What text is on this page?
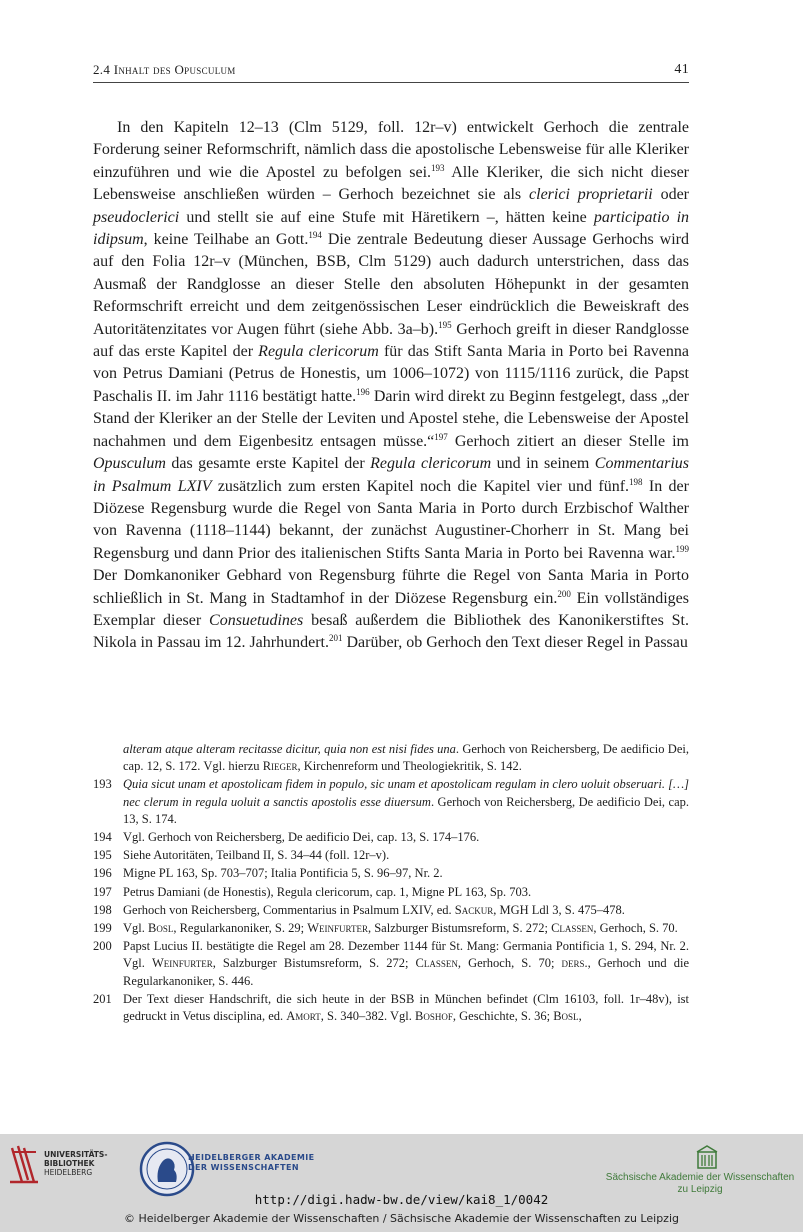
2.4 Inhalt des Opusculum	41

In den Kapiteln 12–13 (Clm 5129, foll. 12r–v) entwickelt Gerhoch die zentrale Forderung seiner Reformschrift, nämlich dass die apostolische Lebensweise für alle Kleriker einzuführen und wie die Apostel zu befolgen sei.$^{193}$ Alle Kleriker, die sich nicht dieser Lebensweise anschließen würden – Gerhoch bezeichnet sie als clerici proprietarii oder pseudoclerici und stellt sie auf eine Stufe mit Häretikern –, hätten keine participatio in idipsum, keine Teilhabe an Gott.$^{194}$ Die zentrale Bedeutung dieser Aussage Gerhochs wird auf den Folia 12r–v (München, BSB, Clm 5129) auch dadurch unterstrichen, dass das Ausmaß der Randglosse an dieser Stelle den absoluten Höhepunkt in der gesamten Reformschrift erreicht und dem zeitgenössischen Leser eindrücklich die Beweiskraft des Autoritätenzitates vor Augen führt (siehe Abb. 3a–b).$^{195}$ Gerhoch greift in dieser Randglosse auf das erste Kapitel der Regula clericorum für das Stift Santa Maria in Porto bei Ravenna von Petrus Damiani (Petrus de Honestis, um 1006–1072) von 1115/1116 zurück, die Papst Paschalis II. im Jahr 1116 bestätigt hatte.$^{196}$ Darin wird direkt zu Beginn festgelegt, dass „der Stand der Kleriker an der Stelle der Leviten und Apostel stehe, die Lebensweise der Apostel nachahmen und dem Eigenbesitz entsagen müsse.“$^{197}$ Gerhoch zitiert an dieser Stelle im Opusculum das gesamte erste Kapitel der Regula clericorum und in seinem Commentarius in Psalmum LXIV zusätzlich zum ersten Kapitel noch die Kapitel vier und fünf.$^{198}$ In der Diözese Regensburg wurde die Regel von Santa Maria in Porto durch Erzbischof Walther von Ravenna (1118–1144) bekannt, der zunächst Augustiner-Chorherr in St. Mang bei Regensburg und dann Prior des italienischen Stifts Santa Maria in Porto bei Ravenna war.$^{199}$ Der Domkanoniker Gebhard von Regensburg führte die Regel von Santa Maria in Porto schließlich in St. Mang in Stadtamhof in der Diözese Regensburg ein.$^{200}$ Ein vollständiges Exemplar dieser Consuetudines besaß außerdem die Bibliothek des Kanonikerstiftes St. Nikola in Passau im 12. Jahrhundert.$^{201}$ Darüber, ob Gerhoch den Text dieser Regel in Passau

alteram atque alteram recitasse dicitur, quia non est nisi fides una. Gerhoch von Reichersberg, De aedificio Dei, cap. 12, S. 172. Vgl. hierzu Rieger, Kirchenreform und Theologiekritik, S. 142.
193 Quia sicut unam et apostolicam fidem in populo, sic unam et apostolicam regulam in clero uoluit obseruari. […] nec clerum in regula uoluit a sanctis apostolis esse diuersum. Gerhoch von Reichersberg, De aedificio Dei, cap. 13, S. 174.
194 Vgl. Gerhoch von Reichersberg, De aedificio Dei, cap. 13, S. 174–176.
195 Siehe Autoritäten, Teilband II, S. 34–44 (foll. 12r–v).
196 Migne PL 163, Sp. 703–707; Italia Pontificia 5, S. 96–97, Nr. 2.
197 Petrus Damiani (de Honestis), Regula clericorum, cap. 1, Migne PL 163, Sp. 703.
198 Gerhoch von Reichersberg, Commentarius in Psalmum LXIV, ed. Sackur, MGH Ldl 3, S. 475–478.
199 Vgl. Bosl, Regularkanoniker, S. 29; Weinfurter, Salzburger Bistumsreform, S. 272; Classen, Gerhoch, S. 70.
200 Papst Lucius II. bestätigte die Regel am 28. Dezember 1144 für St. Mang: Germania Pontificia 1, S. 294, Nr. 2. Vgl. Weinfurter, Salzburger Bistumsreform, S. 272; Classen, Gerhoch, S. 70; ders., Gerhoch und die Regularkanoniker, S. 446.
201 Der Text dieser Handschrift, die sich heute in der BSB in München befindet (Clm 16103, foll. 1r–48v), ist gedruckt in Vetus disciplina, ed. Amort, S. 340–382. Vgl. Boshof, Geschichte, S. 36; Bosl,
UNIVERSITÄTS-
BIBLIOTHEK
HEIDELBERG
HEIDELBERGER AKADEMIE
DER WISSENSCHAFTEN
Sächsische Akademie der Wissenschaften
zu Leipzig
http://digi.hadw-bw.de/view/kai8_1/0042
© Heidelberger Akademie der Wissenschaften / Sächsische Akademie der Wissenschaften zu Leipzig
